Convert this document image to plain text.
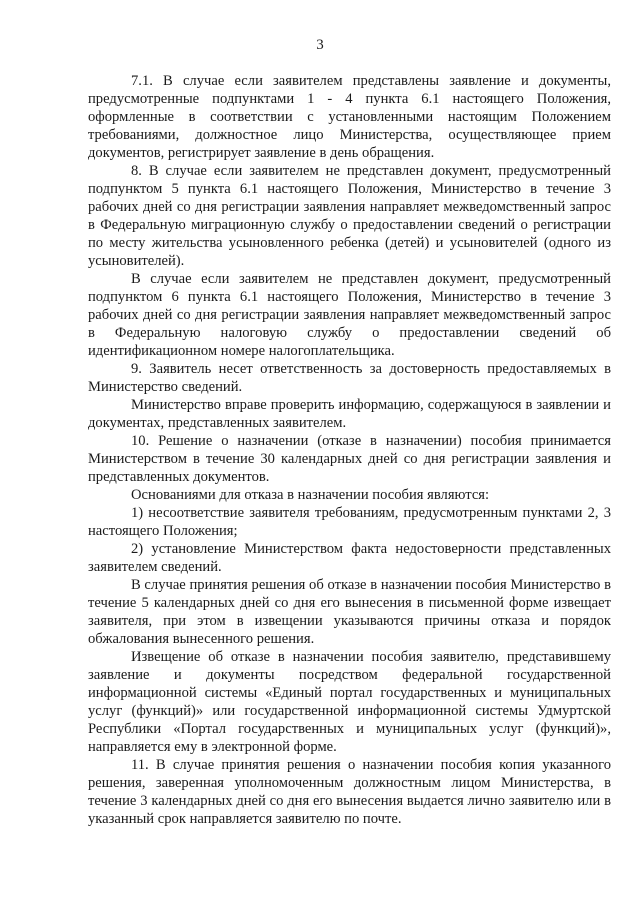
3

7.1. В случае если заявителем представлены заявление и документы, предусмотренные подпунктами 1 - 4 пункта 6.1 настоящего Положения, оформленные в соответствии с установленными настоящим Положением требованиями, должностное лицо Министерства, осуществляющее прием документов, регистрирует заявление в день обращения.

8. В случае если заявителем не представлен документ, предусмотренный подпунктом 5 пункта 6.1 настоящего Положения, Министерство в течение 3 рабочих дней со дня регистрации заявления направляет межведомственный запрос в Федеральную миграционную службу о предоставлении сведений о регистрации по месту жительства усыновленного ребенка (детей) и усыновителей (одного из усыновителей).

В случае если заявителем не представлен документ, предусмотренный подпунктом 6 пункта 6.1 настоящего Положения, Министерство в течение 3 рабочих дней со дня регистрации заявления направляет межведомственный запрос в Федеральную налоговую службу о предоставлении сведений об идентификационном номере налогоплательщика.

9. Заявитель несет ответственность за достоверность предоставляемых в Министерство сведений.

Министерство вправе проверить информацию, содержащуюся в заявлении и документах, представленных заявителем.

10. Решение о назначении (отказе в назначении) пособия принимается Министерством в течение 30 календарных дней со дня регистрации заявления и представленных документов.

Основаниями для отказа в назначении пособия являются:

1) несоответствие заявителя требованиям, предусмотренным пунктами 2, 3 настоящего Положения;

2) установление Министерством факта недостоверности представленных заявителем сведений.

В случае принятия решения об отказе в назначении пособия Министерство в течение 5 календарных дней со дня его вынесения в письменной форме извещает заявителя, при этом в извещении указываются причины отказа и порядок обжалования вынесенного решения.

Извещение об отказе в назначении пособия заявителю, представившему заявление и документы посредством федеральной государственной информационной системы «Единый портал государственных и муниципальных услуг (функций)» или государственной информационной системы Удмуртской Республики «Портал государственных и муниципальных услуг (функций)», направляется ему в электронной форме.

11. В случае принятия решения о назначении пособия копия указанного решения, заверенная уполномоченным должностным лицом Министерства, в течение 3 календарных дней со дня его вынесения выдается лично заявителю или в указанный срок направляется заявителю по почте.
